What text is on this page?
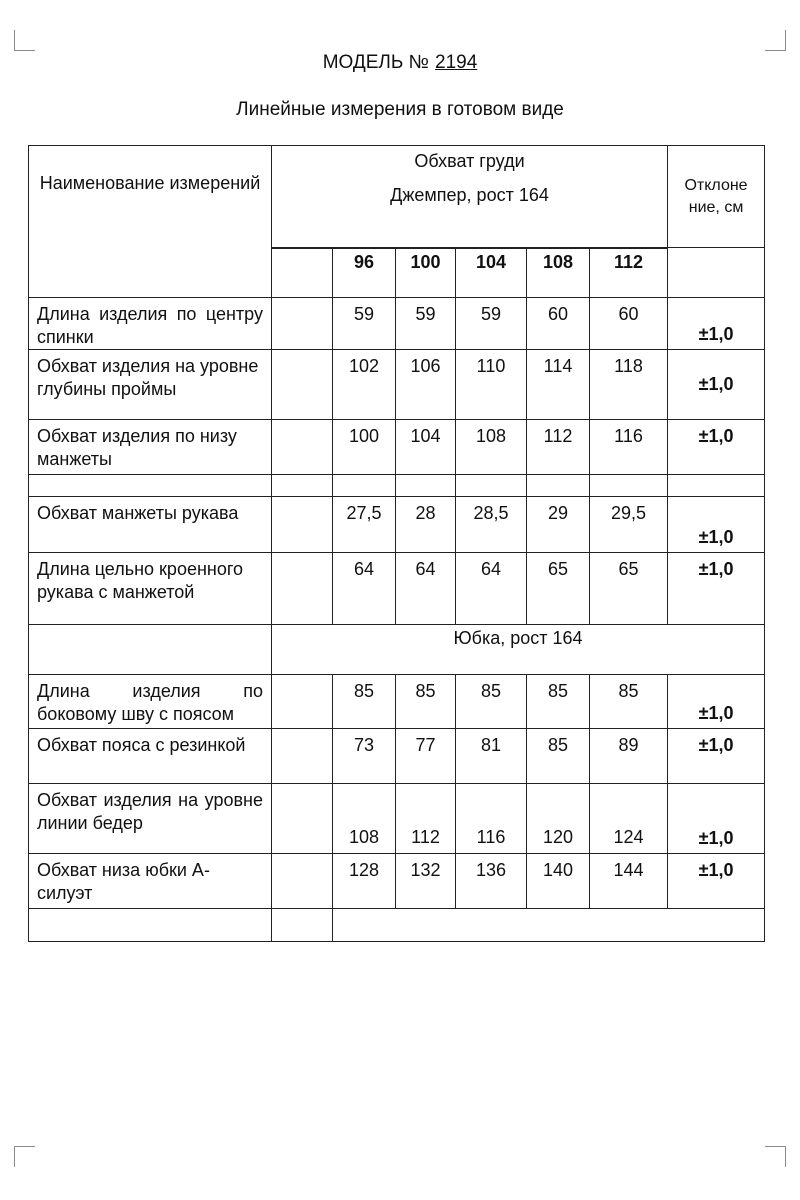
МОДЕЛЬ № 2194
Линейные измерения в готовом виде
Наименование измерений	Обхват груди
Джемпер, рост 164						Отклоне ние, см
		96	100	104	108	112	
Длина изделия по центру спинки		59	59	59	60	60	±1,0
Обхват изделия на уровне глубины проймы		102	106	110	114	118	±1,0
Обхват изделия по низу манжеты		100	104	108	112	116	±1,0

Обхват манжеты рукава		27,5	28	28,5	29	29,5	±1,0
Длина цельно кроенного рукава с манжетой		64	64	64	65	65	±1,0
	Юбка, рост 164						
Длина изделия по боковому шву с поясом		85	85	85	85	85	±1,0
Обхват пояса с резинкой		73	77	81	85	89	±1,0
Обхват изделия на уровне линии бедер		108	112	116	120	124	±1,0
Обхват низа юбки А-силуэт		128	132	136	140	144	±1,0
